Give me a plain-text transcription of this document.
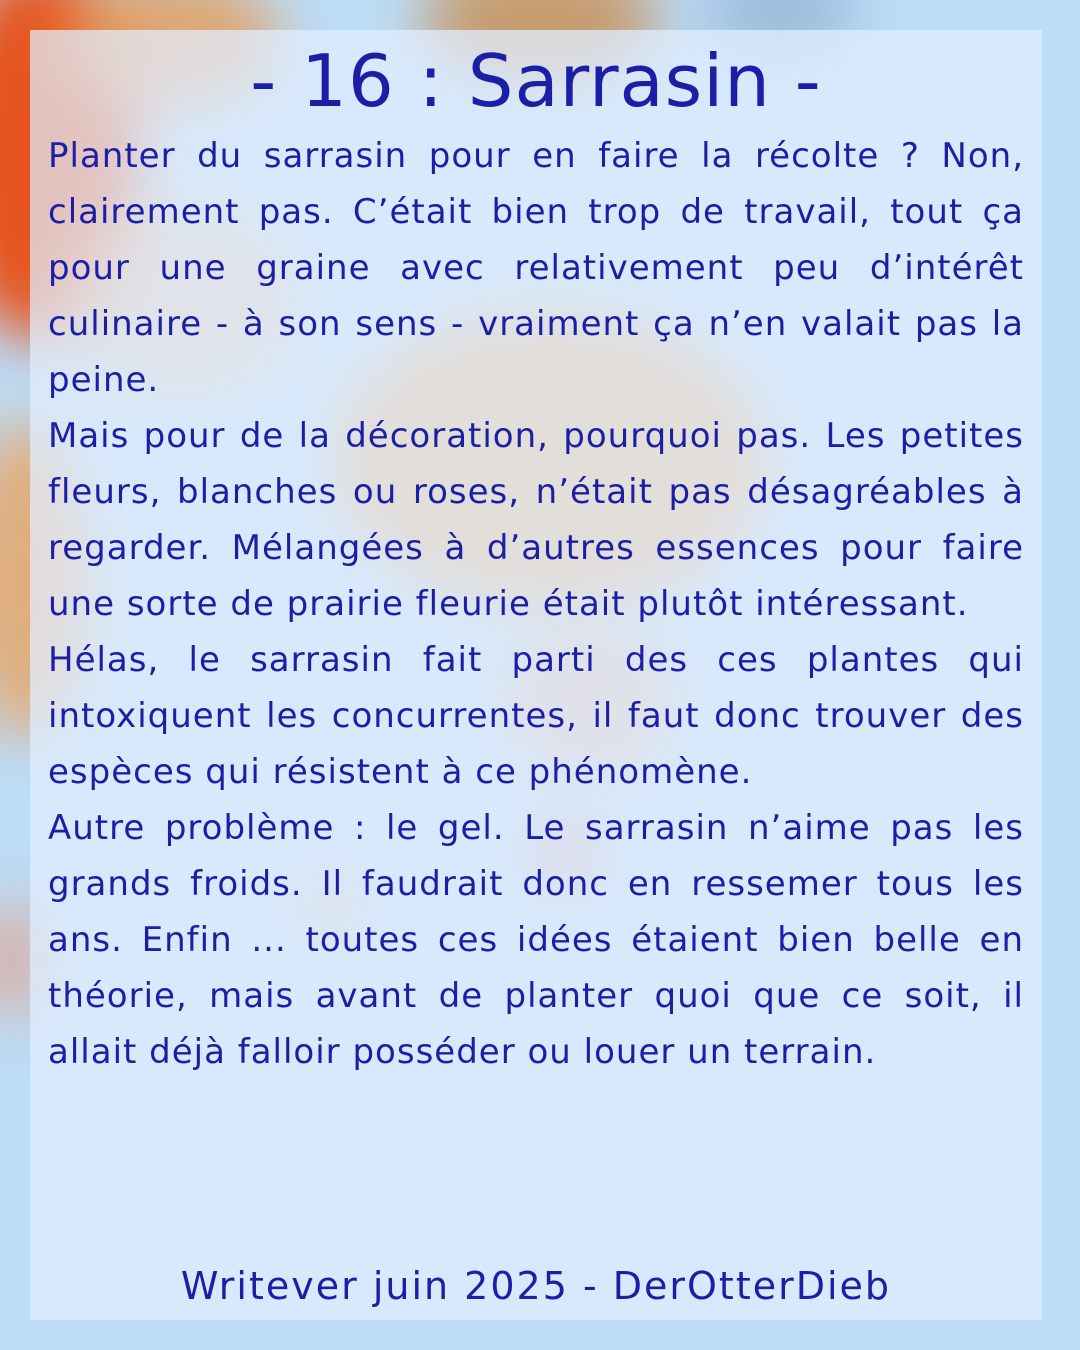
- 16 : Sarrasin -

Planter du sarrasin pour en faire la récolte ? Non, clairement pas. C’était bien trop de travail, tout ça pour une graine avec relativement peu d’intérêt culinaire - à son sens - vraiment ça n’en valait pas la peine.

Mais pour de la décoration, pourquoi pas. Les petites fleurs, blanches ou roses, n’était pas désagréables à regarder. Mélangées à d’autres essences pour faire une sorte de prairie fleurie était plutôt intéressant.

Hélas, le sarrasin fait parti des ces plantes qui intoxiquent les concurrentes, il faut donc trouver des espèces qui résistent à ce phénomène.

Autre problème : le gel. Le sarrasin n’aime pas les grands froids. Il faudrait donc en ressemer tous les ans. Enfin ... toutes ces idées étaient bien belle en théorie, mais avant de planter quoi que ce soit, il allait déjà falloir posséder ou louer un terrain.

Writever juin 2025 - DerOtterDieb
